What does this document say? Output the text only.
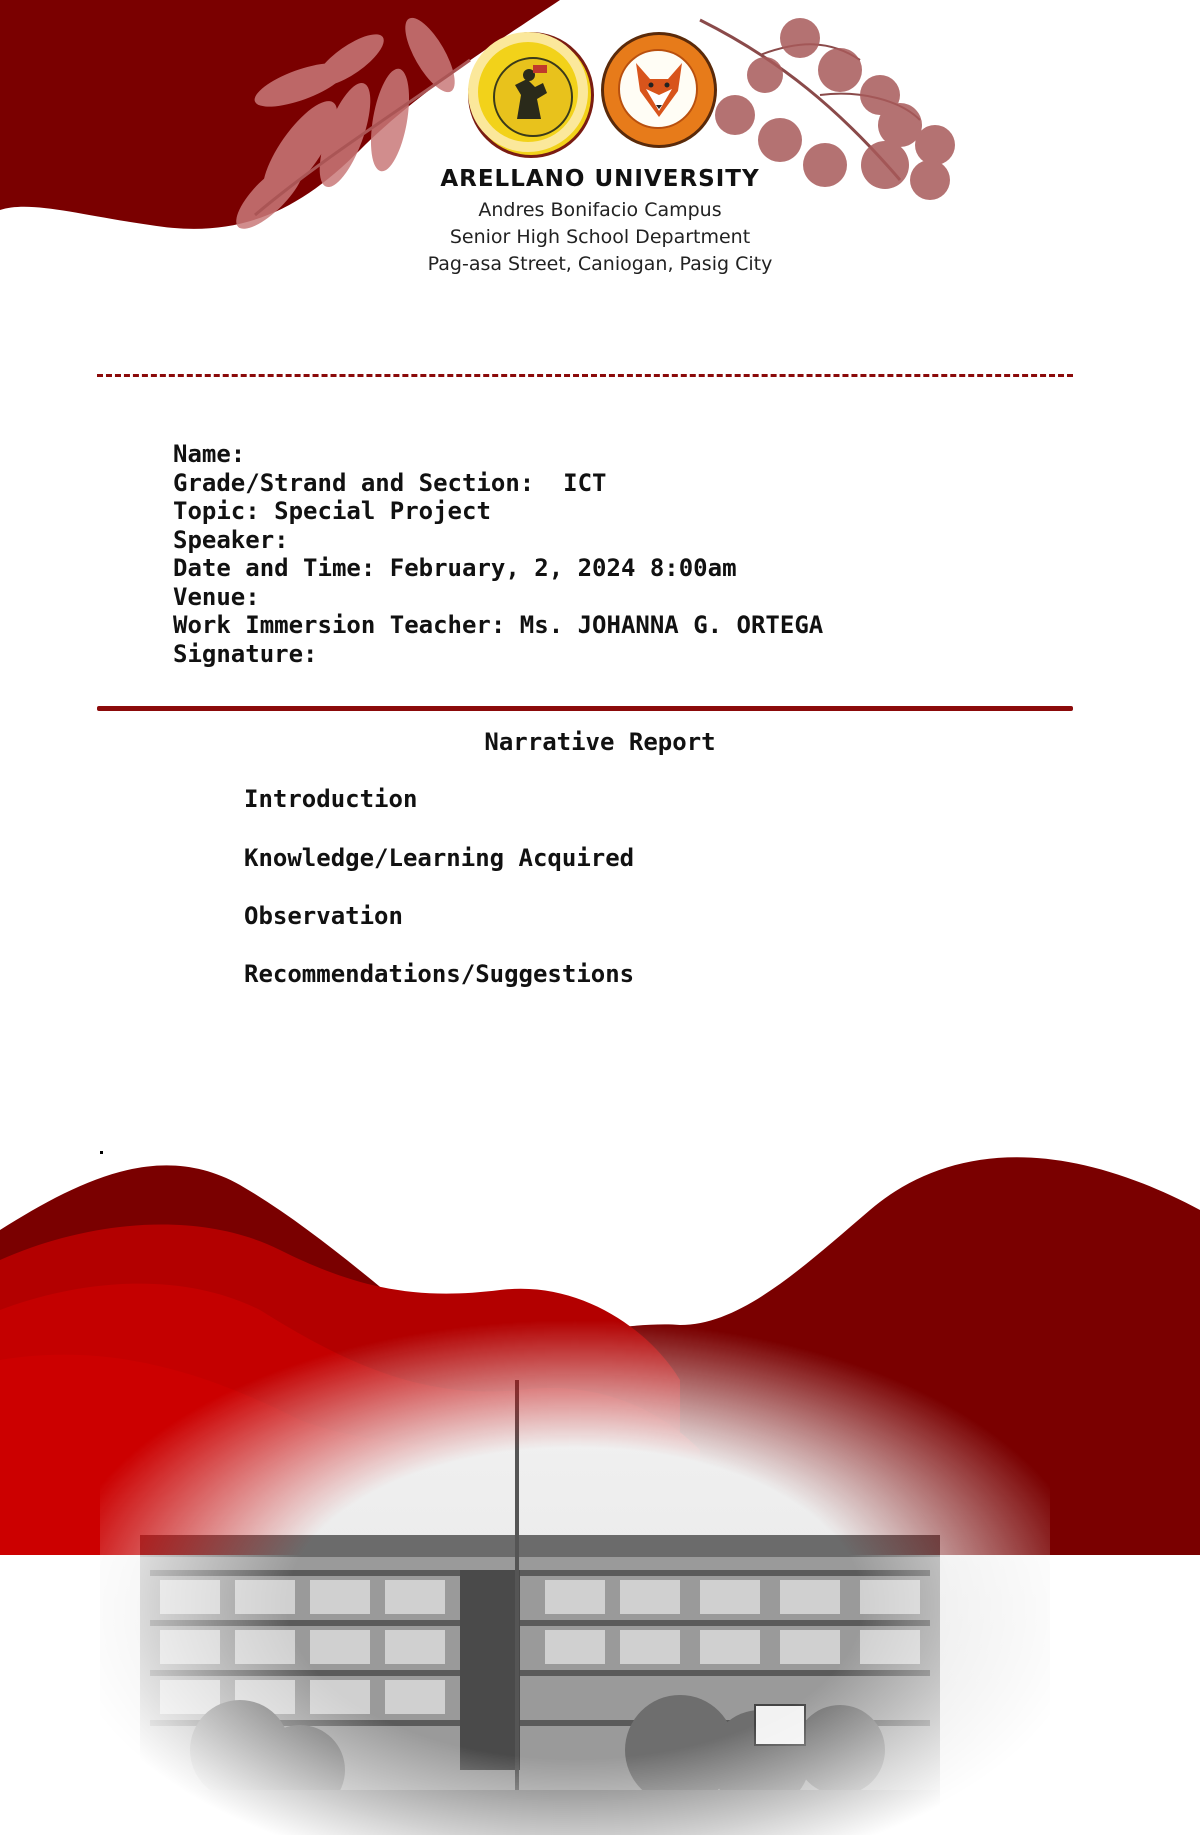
ARELLANO UNIVERSITY
Andres Bonifacio Campus
Senior High School Department
Pag-asa Street, Caniogan, Pasig City
Name:
Grade/Strand and Section: ICT
Topic: Special Project
Speaker:
Date and Time: February, 2, 2024 8:00am
Venue:
Work Immersion Teacher: Ms. JOHANNA G. ORTEGA
Signature:
Narrative Report
Introduction
Knowledge/Learning Acquired
Observation
Recommendations/Suggestions
